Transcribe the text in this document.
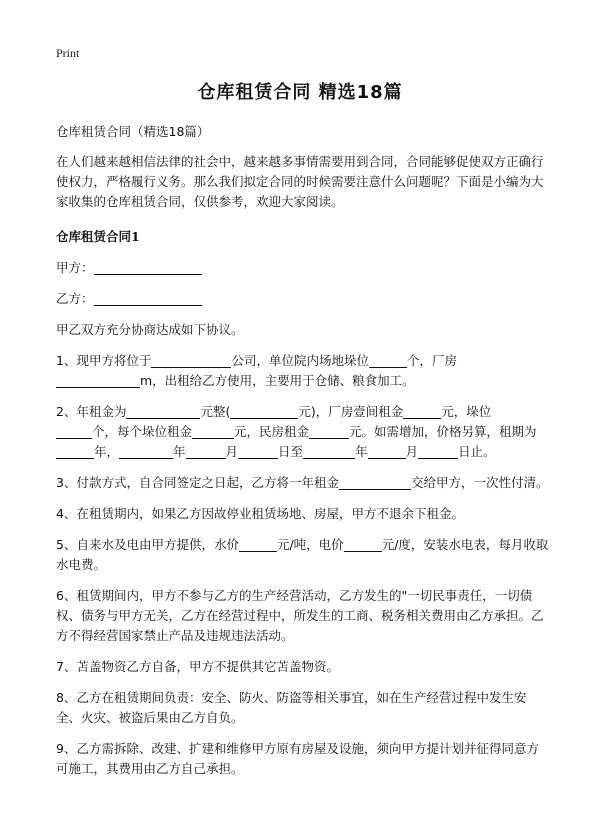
Print
仓库租赁合同 精选18篇

仓库租赁合同（精选18篇）

在人们越来越相信法律的社会中，越来越多事情需要用到合同，合同能够促使双方正确行使权力，严格履行义务。那么我们拟定合同的时候需要注意什么问题呢？下面是小编为大家收集的仓库租赁合同，仅供参考，欢迎大家阅读。

仓库租赁合同1

甲方：

乙方：

甲乙双方充分协商达成如下协议。

1、现甲方将位于	公司，单位院内场地垛位	个，厂房
m，出租给乙方使用，主要用于仓储、粮食加工。

2、年租金为	元整(	元)，厂房壹间租金	元，垛位
个，每个垛位租金	元，民房租金	元。如需增加，价格另算，租期为
年，	年	月	日至	年	月	日止。

3、付款方式，自合同签定之日起，乙方将一年租金	交给甲方，一次性付清。

4、在租赁期内，如果乙方因故停业租赁场地、房屋，甲方不退余下租金。

5、自来水及电由甲方提供，水价	元/吨，电价	元/度，安装水电表，每月收取水电费。

6、租赁期间内，甲方不参与乙方的生产经营活动，乙方发生的"一切民事责任，一切债权、债务与甲方无关，乙方在经营过程中，所发生的工商、税务相关费用由乙方承担。乙方不得经营国家禁止产品及违规违法活动。

7、苫盖物资乙方自备，甲方不提供其它苫盖物资。

8、乙方在租赁期间负责：安全、防火、防盗等相关事宜，如在生产经营过程中发生安全、火灾、被盗后果由乙方自负。

9、乙方需拆除、改建、扩建和维修甲方原有房屋及设施，须向甲方提计划并征得同意方可施工，其费用由乙方自己承担。
